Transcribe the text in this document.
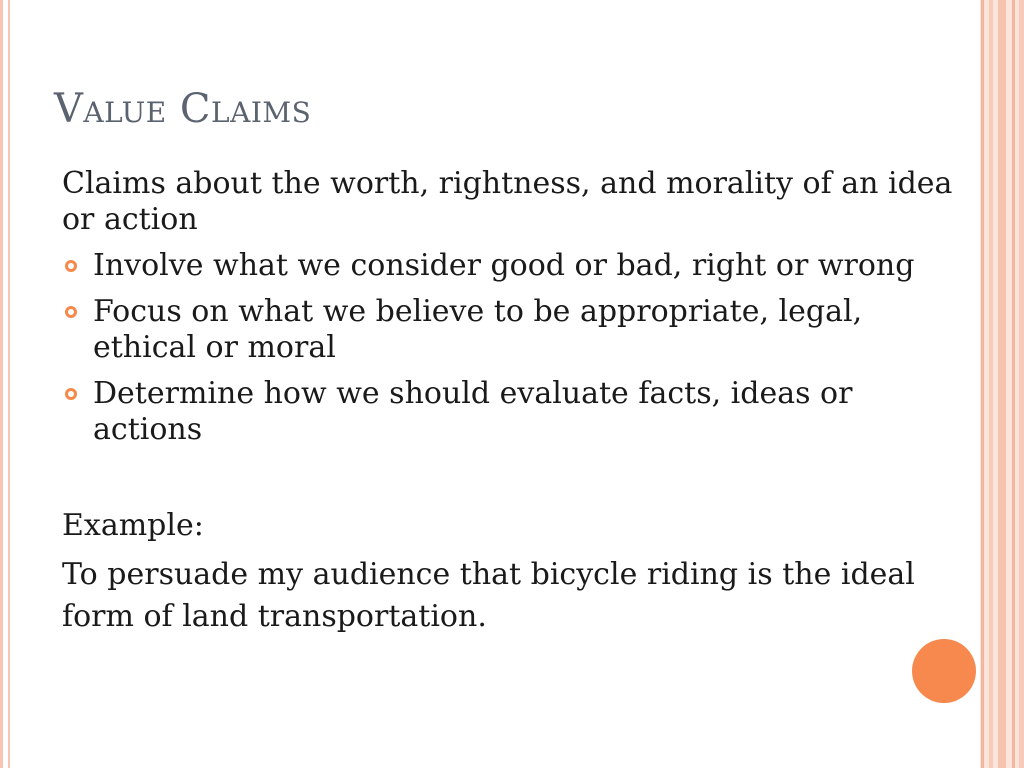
Value Claims

Claims about the worth, rightness, and morality of an idea or action

Involve what we consider good or bad, right or wrong
Focus on what we believe to be appropriate, legal, ethical or moral
Determine how we should evaluate facts, ideas or actions
Example:

To persuade my audience that bicycle riding is the ideal form of land transportation.
